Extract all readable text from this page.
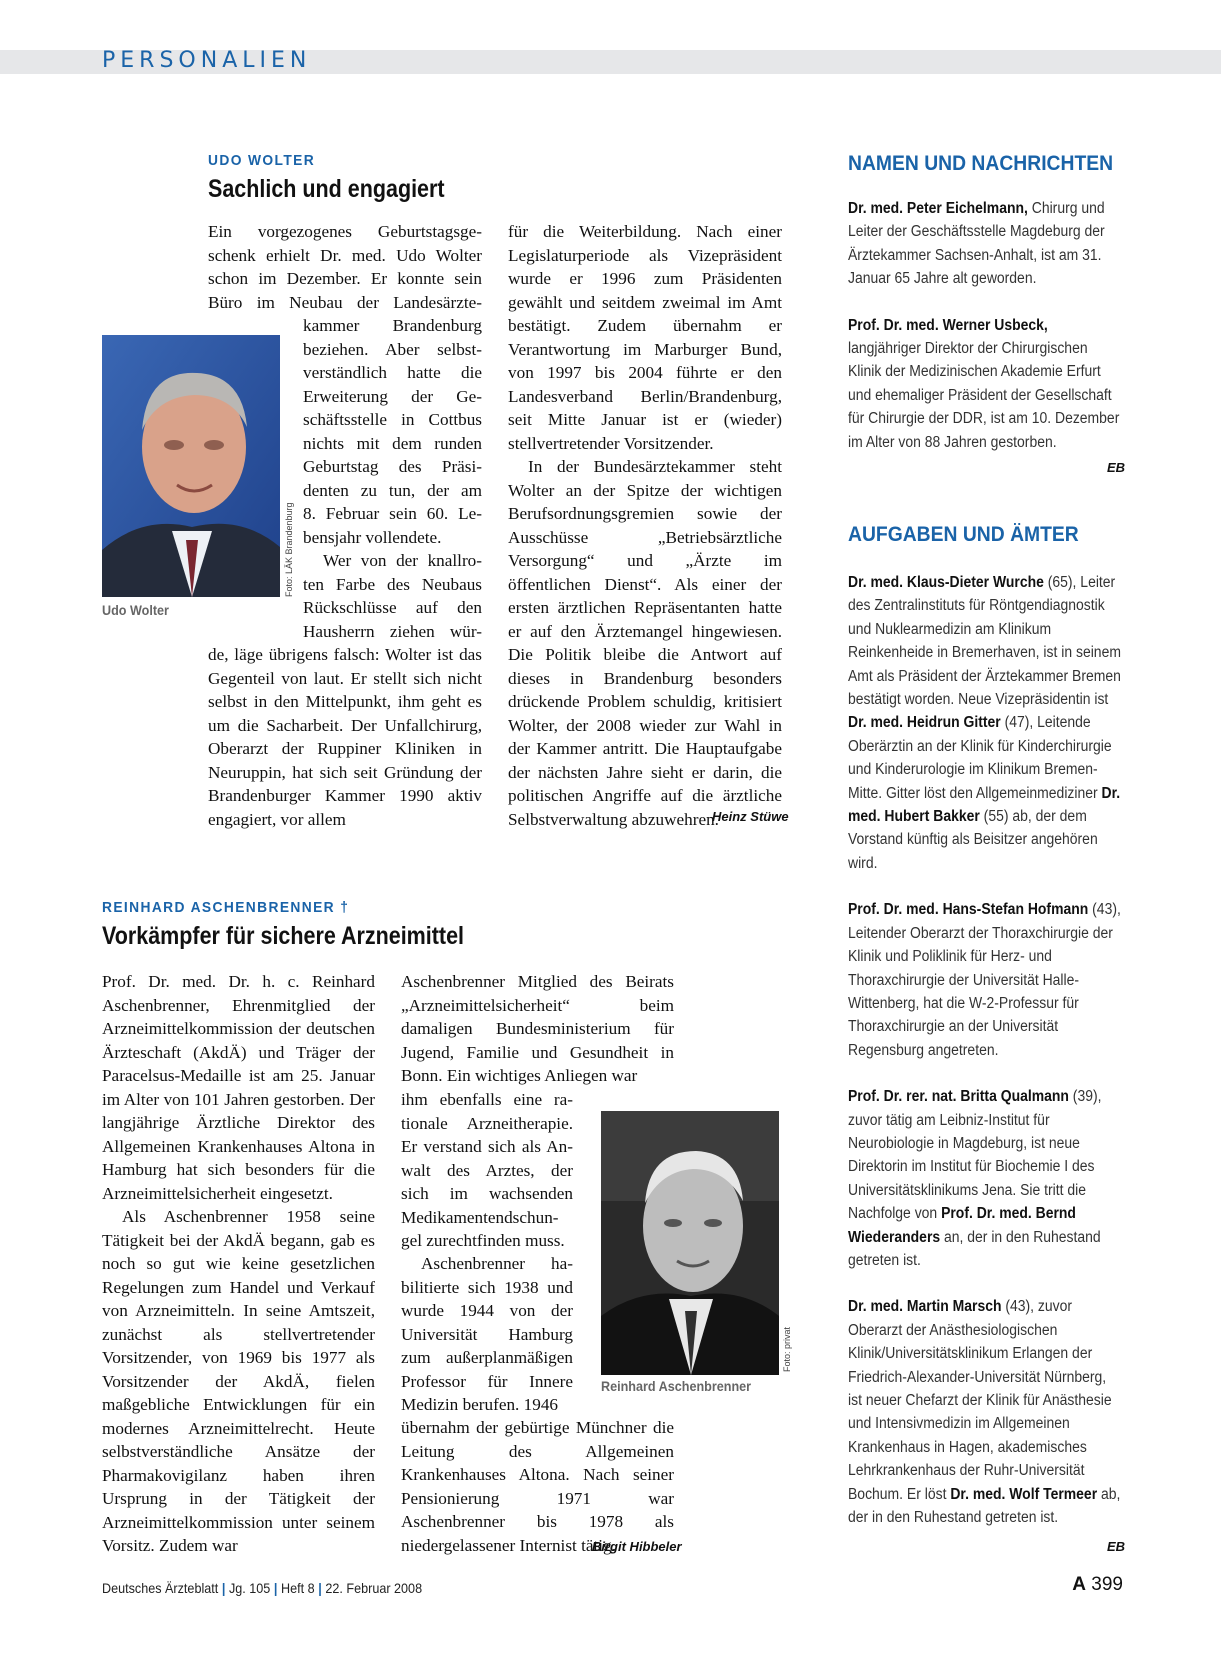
PERSONALIEN
UDO WOLTER
Sachlich und engagiert
Foto: LÄK Brandenburg
Udo Wolter
Ein vorgezogenes Geburtstagsge-
schenk erhielt Dr. med. Udo Wolter
schon im Dezember. Er konnte sein
Büro im Neubau der Landesärzte-
kammer Brandenburg
beziehen. Aber selbst-
verständlich hatte die
Erweiterung der Ge-
schäftsstelle in Cottbus
nichts mit dem runden
Geburtstag des Präsi-
denten zu tun, der am
8. Februar sein 60. Le-
bensjahr vollendete.
Wer von der knallro-
ten Farbe des Neubaus
Rückschlüsse auf den
Hausherrn ziehen wür-

de, läge übrigens falsch: Wolter ist das Gegenteil von laut. Er stellt sich nicht selbst in den Mittelpunkt, ihm geht es um die Sacharbeit. Der Unfallchirurg, Oberarzt der Ruppiner Kliniken in Neuruppin, hat sich seit Gründung der Brandenburger Kammer 1990 aktiv engagiert, vor allem

für die Weiterbildung. Nach einer Legislaturperiode als Vizepräsident wurde er 1996 zum Präsidenten gewählt und seitdem zweimal im Amt bestätigt. Zudem übernahm er Verantwortung im Marburger Bund, von 1997 bis 2004 führte er den Landesverband Berlin/Brandenburg, seit Mitte Januar ist er (wieder) stellvertretender Vorsitzender.

In der Bundesärztekammer steht Wolter an der Spitze der wichtigen Berufsordnungsgremien sowie der Ausschüsse „Betriebsärztliche Versorgung“ und „Ärzte im öffentlichen Dienst“. Als einer der ersten ärztlichen Repräsentanten hatte er auf den Ärztemangel hingewiesen. Die Politik bleibe die Antwort auf dieses in Brandenburg besonders drückende Problem schuldig, kritisiert Wolter, der 2008 wieder zur Wahl in der Kammer antritt. Die Hauptaufgabe der nächsten Jahre sieht er darin, die politischen Angriffe auf die ärztliche Selbstverwaltung abzuwehren.

Heinz Stüwe
REINHARD ASCHENBRENNER †
Vorkämpfer für sichere Arzneimittel

Prof. Dr. med. Dr. h. c. Reinhard Aschenbrenner, Ehrenmitglied der Arzneimittelkommission der deutschen Ärzteschaft (AkdÄ) und Träger der Paracelsus-Medaille ist am 25. Januar im Alter von 101 Jahren gestorben. Der langjährige Ärztliche Direktor des Allgemeinen Krankenhauses Altona in Hamburg hat sich besonders für die Arzneimittelsicherheit eingesetzt.

Als Aschenbrenner 1958 seine Tätigkeit bei der AkdÄ begann, gab es noch so gut wie keine gesetzlichen Regelungen zum Handel und Verkauf von Arzneimitteln. In seine Amtszeit, zunächst als stellvertretender Vorsitzender, von 1969 bis 1977 als Vorsitzender der AkdÄ, fielen maßgebliche Entwicklungen für ein modernes Arzneimittelrecht. Heute selbstverständliche Ansätze der Pharmakovigilanz haben ihren Ursprung in der Tätigkeit der Arzneimittelkommission unter seinem Vorsitz. Zudem war

Aschenbrenner Mitglied des Beirats „Arzneimittelsicherheit“ beim damaligen Bundesministerium für Jugend, Familie und Gesundheit in Bonn. Ein wichtiges Anliegen war

ihm ebenfalls eine ra-
tionale Arzneitherapie.
Er verstand sich als An-
walt des Arztes, der
sich im wachsenden
Medikamentendschun-
gel zurechtfinden muss.
Aschenbrenner ha-
bilitierte sich 1938 und
wurde 1944 von der
Universität Hamburg
zum außerplanmäßigen
Professor für Innere
Medizin berufen. 1946

übernahm der gebürtige Münchner die Leitung des Allgemeinen Krankenhauses Altona. Nach seiner Pensionierung 1971 war Aschenbrenner bis 1978 als niedergelassener Internist tätig.

Birgit Hibbeler
Foto: privat
Reinhard Aschenbrenner
NAMEN UND NACHRICHTEN

Dr. med. Peter Eichelmann, Chirurg und Leiter der Geschäftsstelle Magdeburg der Ärztekammer Sachsen-Anhalt, ist am 31. Januar 65 Jahre alt geworden.

Prof. Dr. med. Werner Usbeck, langjähriger Direktor der Chirurgischen Klinik der Medizinischen Akademie Erfurt und ehemaliger Präsident der Gesellschaft für Chirurgie der DDR, ist am 10. Dezember im Alter von 88 Jahren gestorben.

EB
AUFGABEN UND ÄMTER

Dr. med. Klaus-Dieter Wurche (65), Leiter des Zentralinstituts für Röntgendiagnostik und Nuklearmedizin am Klinikum Reinkenheide in Bremerhaven, ist in seinem Amt als Präsident der Ärztekammer Bremen bestätigt worden. Neue Vizepräsidentin ist Dr. med. Heidrun Gitter (47), Leitende Oberärztin an der Klinik für Kinderchirurgie und Kinderurologie im Klinikum Bremen-Mitte. Gitter löst den Allgemeinmediziner Dr. med. Hubert Bakker (55) ab, der dem Vorstand künftig als Beisitzer angehören wird.

Prof. Dr. med. Hans-Stefan Hofmann (43), Leitender Oberarzt der Thoraxchirurgie der Klinik und Poliklinik für Herz- und Thoraxchirurgie der Universität Halle-Wittenberg, hat die W-2-Professur für Thoraxchirurgie an der Universität Regensburg angetreten.

Prof. Dr. rer. nat. Britta Qualmann (39), zuvor tätig am Leibniz-Institut für Neurobiologie in Magdeburg, ist neue Direktorin im Institut für Biochemie I des Universitätsklinikums Jena. Sie tritt die Nachfolge von Prof. Dr. med. Bernd Wiederanders an, der in den Ruhestand getreten ist.

Dr. med. Martin Marsch (43), zuvor Oberarzt der Anästhesiologischen Klinik/Universitätsklinikum Erlangen der Friedrich-Alexander-Universität Nürnberg, ist neuer Chefarzt der Klinik für Anästhesie und Intensivmedizin im Allgemeinen Krankenhaus in Hagen, akademisches Lehrkrankenhaus der Ruhr-Universität Bochum. Er löst Dr. med. Wolf Termeer ab, der in den Ruhestand getreten ist.

EB
Deutsches Ärzteblatt | Jg. 105 | Heft 8 | 22. Februar 2008	A 399
